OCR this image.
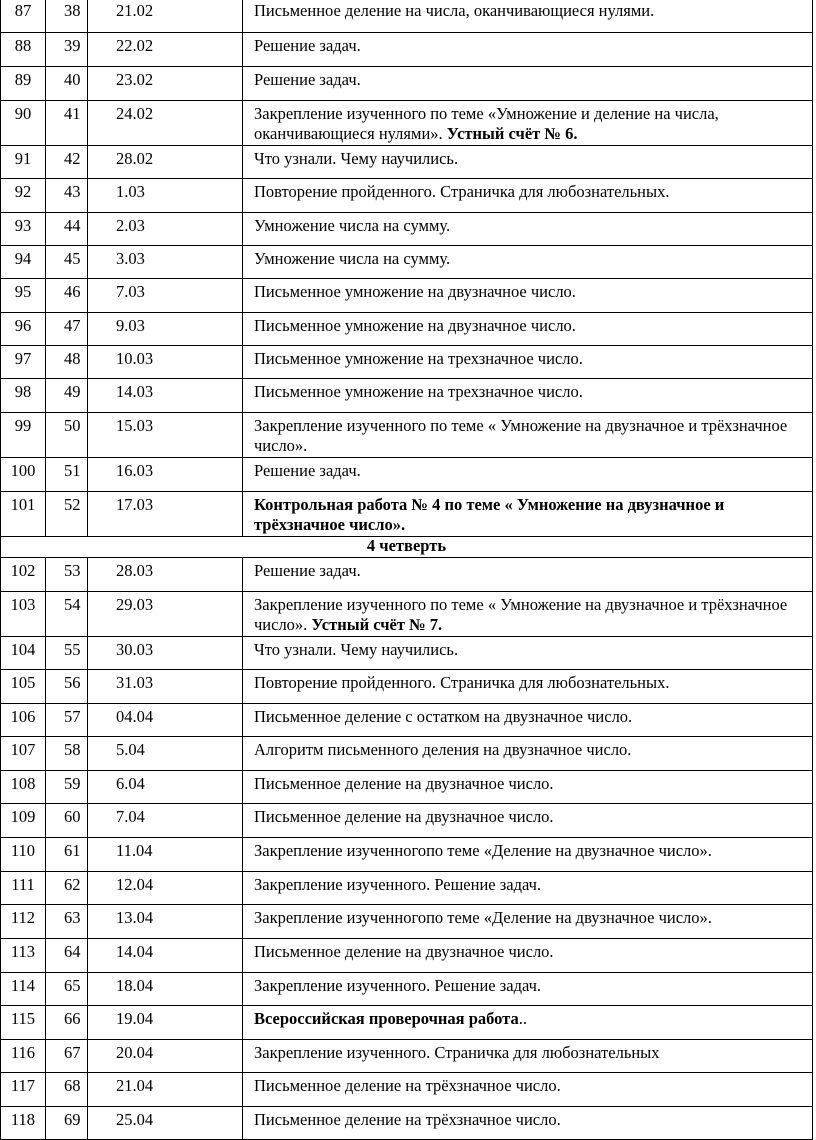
87	38	21.02	Письменное деление на числа, оканчивающиеся нулями.

88	39	22.02	Решение задач.

89	40	23.02	Решение задач.

90	41	24.02	Закрепление изученного по теме «Умножение и деление на числа, оканчивающиеся нулями». Устный счёт № 6.

91	42	28.02	Что узнали. Чему научились.

92	43	1.03	Повторение пройденного. Страничка для любознательных.

93	44	2.03	Умножение числа на сумму.

94	45	3.03	Умножение числа на сумму.

95	46	7.03	Письменное умножение на двузначное число.

96	47	9.03	Письменное умножение на двузначное число.

97	48	10.03	Письменное умножение на трехзначное число.

98	49	14.03	Письменное умножение на трехзначное число.

99	50	15.03	Закрепление изученного по теме « Умножение на двузначное и трёхзначное число».

100	51	16.03	Решение задач.

101	52	17.03	Контрольная работа № 4 по теме « Умножение на двузначное и трёхзначное число».

4 четверть			
102	53	28.03	Решение задач.

103	54	29.03	Закрепление изученного по теме « Умножение на двузначное и трёхзначное число». Устный счёт № 7.

104	55	30.03	Что узнали. Чему научились.

105	56	31.03	Повторение пройденного. Страничка для любознательных.

106	57	04.04	Письменное деление с остатком на двузначное число.

107	58	5.04	Алгоритм письменного деления на двузначное число.

108	59	6.04	Письменное деление на двузначное число.

109	60	7.04	Письменное деление на двузначное число.

110	61	11.04	Закрепление изученногопо теме «Деление на двузначное число».

111	62	12.04	Закрепление изученного. Решение задач.

112	63	13.04	Закрепление изученногопо теме «Деление на двузначное число».

113	64	14.04	Письменное деление на двузначное число.

114	65	18.04	Закрепление изученного. Решение задач.

115	66	19.04	Всероссийская проверочная работа..

116	67	20.04	Закрепление изученного. Страничка для любознательных

117	68	21.04	Письменное деление на трёхзначное число.

118	69	25.04	Письменное деление на трёхзначное число.
